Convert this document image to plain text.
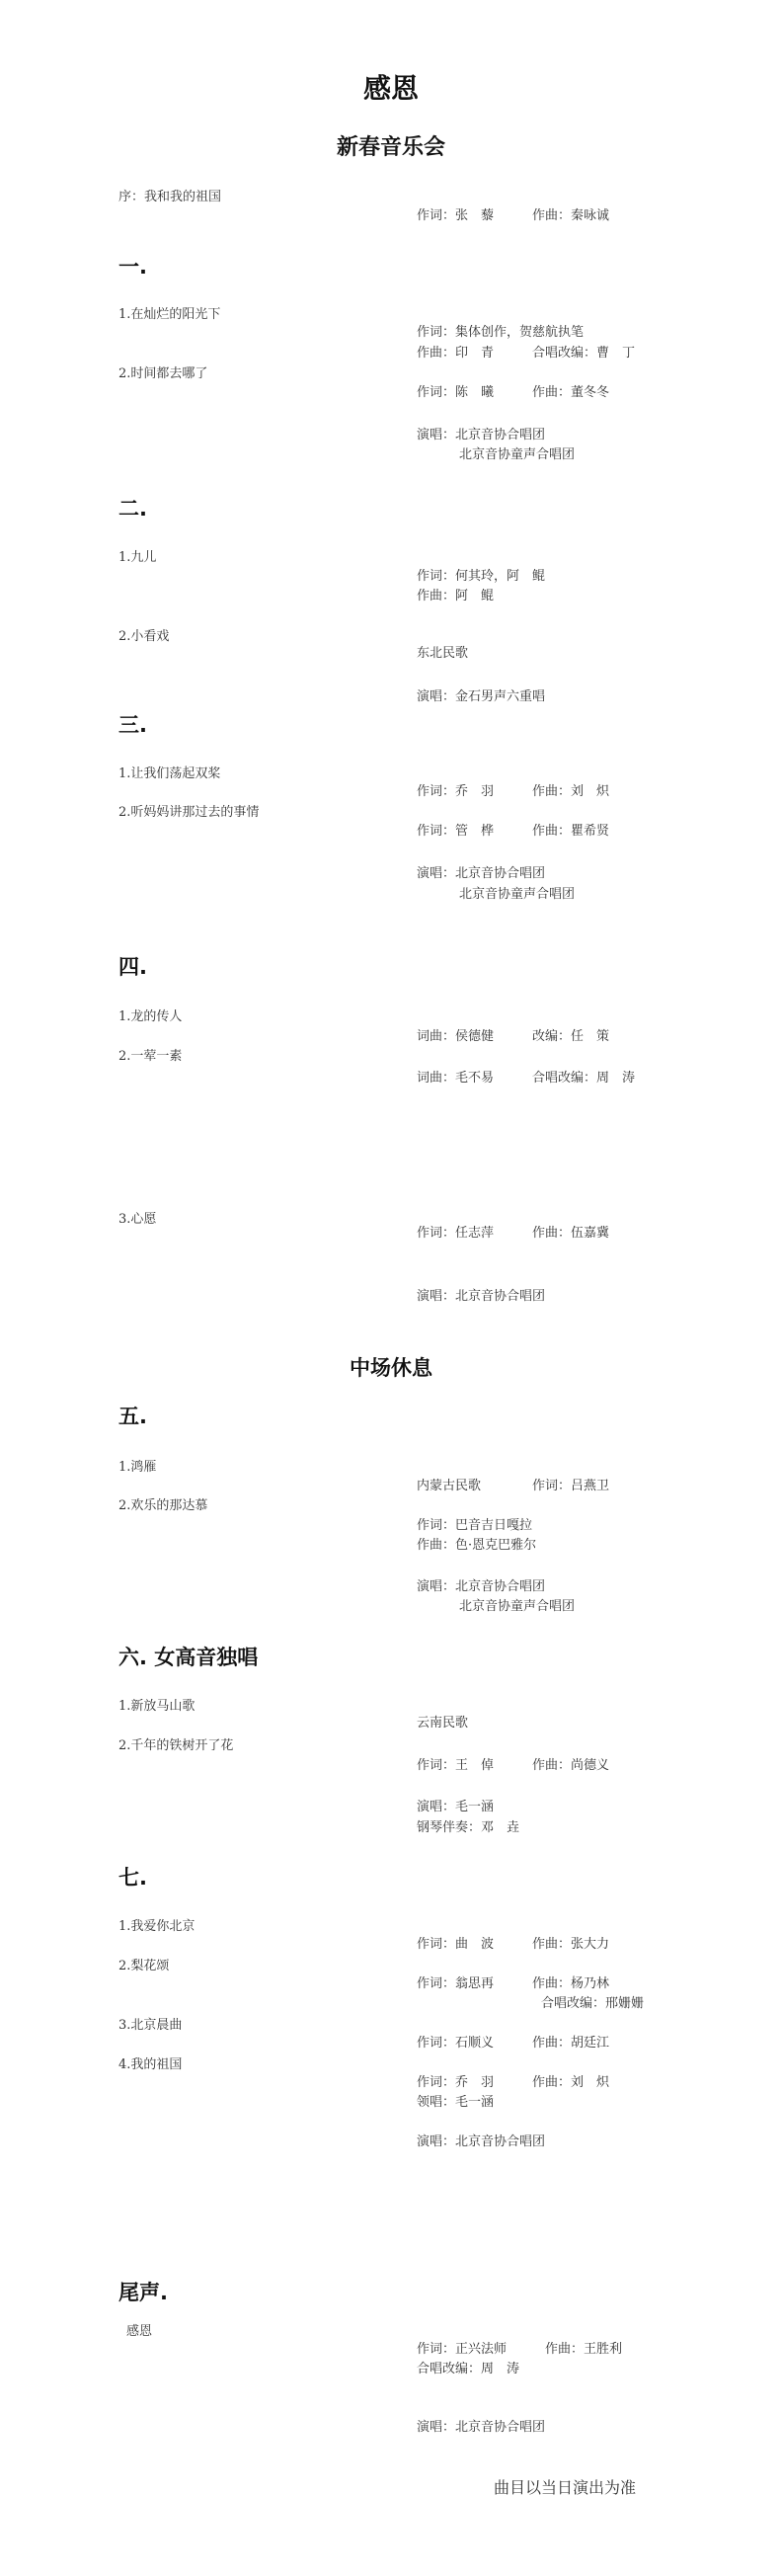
感恩
新春音乐会
序：我和我的祖国
作词：张　藜　　　作曲：秦咏诚
一.
1.在灿烂的阳光下
2.时间都去哪了
作词：集体创作，贺慈航执笔
作曲：印　青　　　合唱改编：曹　丁
作词：陈　曦　　　作曲：董冬冬
演唱：北京音协合唱团
北京音协童声合唱团
二.
1.九儿
2.小看戏
作词：何其玲，阿　鲲
作曲：阿　鲲
东北民歌
演唱：金石男声六重唱
三.
1.让我们荡起双桨
2.听妈妈讲那过去的事情
作词：乔　羽　　　作曲：刘　炽
作词：管　桦　　　作曲：瞿希贤
演唱：北京音协合唱团
北京音协童声合唱团
四.
1.龙的传人
2.一荤一素
3.心愿
词曲：侯德健　　　改编：任　策
词曲：毛不易　　　合唱改编：周　涛
作词：任志萍　　　作曲：伍嘉冀
演唱：北京音协合唱团
中场休息
五.
1.鸿雁
2.欢乐的那达慕
内蒙古民歌　　　　作词：吕燕卫
作词：巴音吉日嘎拉
作曲：色·恩克巴雅尔
演唱：北京音协合唱团
北京音协童声合唱团
六. 女高音独唱
1.新放马山歌
2.千年的铁树开了花
云南民歌
作词：王　倬　　　作曲：尚德义
演唱：毛一涵
钢琴伴奏：邓　垚
七.
1.我爱你北京
2.梨花颂
3.北京晨曲
4.我的祖国
作词：曲　波　　　作曲：张大力
作词：翁思再　　　作曲：杨乃林
合唱改编：邢姗姗
作词：石顺义　　　作曲：胡廷江
作词：乔　羽　　　作曲：刘　炽
领唱：毛一涵
演唱：北京音协合唱团
尾声.
感恩
作词：正兴法师　　　作曲：王胜利
合唱改编：周　涛
演唱：北京音协合唱团
曲目以当日演出为准
